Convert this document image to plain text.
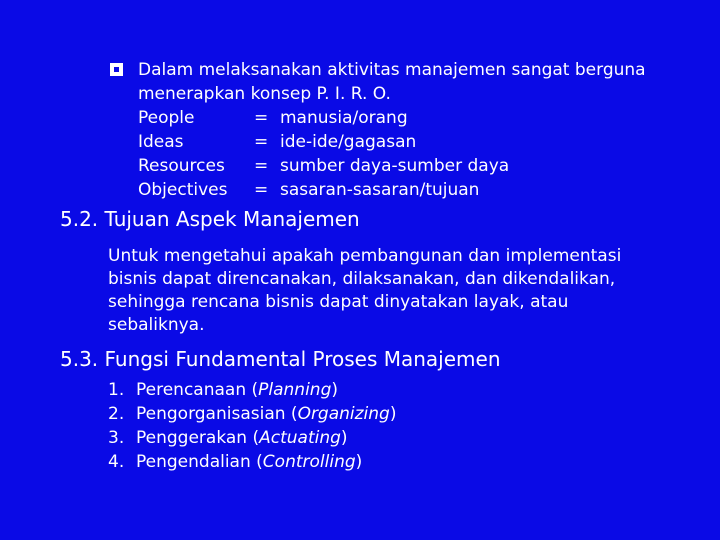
Dalam melaksanakan aktivitas manajemen sangat berguna
menerapkan konsep P. I. R. O.
People	= manusia/orang
Ideas	= ide-ide/gagasan
Resources	= sumber daya-sumber daya
Objectives	= sasaran-sasaran/tujuan
5.2. Tujuan Aspek Manajemen
Untuk mengetahui apakah pembangunan dan implementasi
bisnis dapat direncanakan, dilaksanakan, dan dikendalikan,
sehingga rencana bisnis dapat dinyatakan layak, atau
sebaliknya.
5.3. Fungsi Fundamental Proses Manajemen
1. Perencanaan (Planning)
2. Pengorganisasian (Organizing)
3. Penggerakan (Actuating)
4. Pengendalian (Controlling)
